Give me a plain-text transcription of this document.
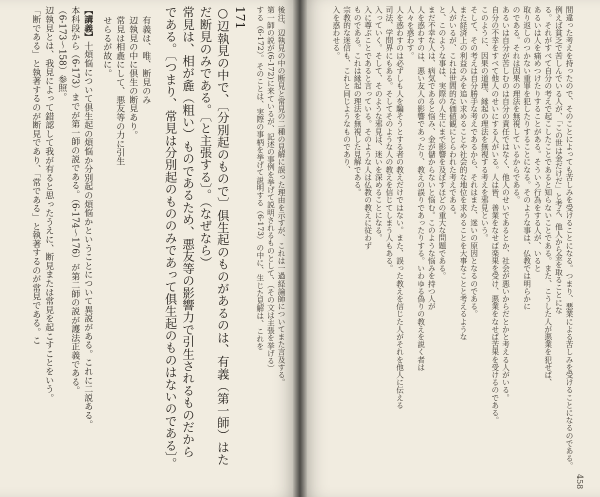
後注、辺執見の中の断見と常見の二種の見解に誤った理由を示すが、これは一過経論師についてまた言及する。
第一師の説が(6-172)に来ているが、記述の事例を挙げて説明されるものとして、（その文は主張を挙げる）
する（6-172）。そのことは、実際の事柄を挙げて説明する（6-173）の中に、生じた見解は、これを
171
○辺執見の中で、〔分別起のもので〕俱生起のものがあるのは、有義（第一師）はた
だ断見のみである。〔と主張する〕。（なぜなら）
常見は、相が麁（粗い）ものであるため、悪友等の影響力で引生されるものだから
である。〔つまり、常見は分別起のもののみであって俱生起のものはないのである〕。
有義は、唯、断見のみ
辺執見の中に倶生の断見あり。
常見は相麁にして、悪友等の力に引生
せらるが故に。
【講義】十煩悩について倶生起の煩悩か分別起の煩悩かということについて異説がある。これに二説ある。
本科段から（6-173）までが第一師の説である。（6-174～176）が第二師の説が護法正義である。
（6-173～158）参照。
辺執見とは、我見によって錯認して我が有ると思ったうえに、断見または常見を起こすことをいう。
「断である」と執著するのが断見であり、「常である」と執著するのが常見である。こ	間違った考えを持ったので、そのことによっても苦しみを受けることになる。つまり、悪業による苦しみを受けることになるのである。
例えば貧乏で苦しんでいる人が、「この世は金だけだ」と考え、他人から金を取ることにな
る。それがすべて自分の考えで起こしたことであると知らないことである。また、こうした人が悪業を犯せば、
あるいは人を痛めつけたりすることがある。そういう行為をする人が、いると
取り返しのつかない重罪を犯したりすることになる。そのような事は、仏教では明らかに
のである。それは因果の理法を無視しているからである。
あるいは自分が苦しむのは自分の責任ではなく、他人のせいであるとか、社会が悪いからだとかと考える人がいる。
自分の不幸をすべて他人のせいにする人がいる。人は皆、善業をなせば楽果を受け、悪業をなせば苦果を受けるのである。
このように、因果の道理、縁起の理法を無視する考えを邪見という。
そして、その考えは自分勝手な考えであるから、それはまた、迷いの原因となるのである。
また経済上の利益のみを追い求めることや社会的な地位を求めることを大事なことと考えるような
人がいるが、これは世間的な価値観にとらわれた考えである。
と、このような事は、実際の人生にまで影響を及ぼすほどの重大な問題である。
まだ不幸な人は、病気であると悩み、金が儲からないと悩む。このような悩みを持つ人が
人を惑わすのは、悪い友人の影響であったり、教えの誤りであったりする。いわゆる偽りの教えを説く者は
人々を惑わす。
人を惑わすのは必ずしも人を騙そうとする者の教えだけではない。また、誤った教えを信じた人がそれを他人に伝える
司法、学問界にもある。そしてそのような人の教えを信じてしまう人もある。
入っていく。そして、そのような邪見は、迷いを深めることになる。
入に尊ぶことであると言っている。そのような人は仏教の教えに従わず
ものである。これは縁起の理法を無視した見解である。
宗教的な迷信も、これと同じようなものであり、
入を惑わせる。
458
